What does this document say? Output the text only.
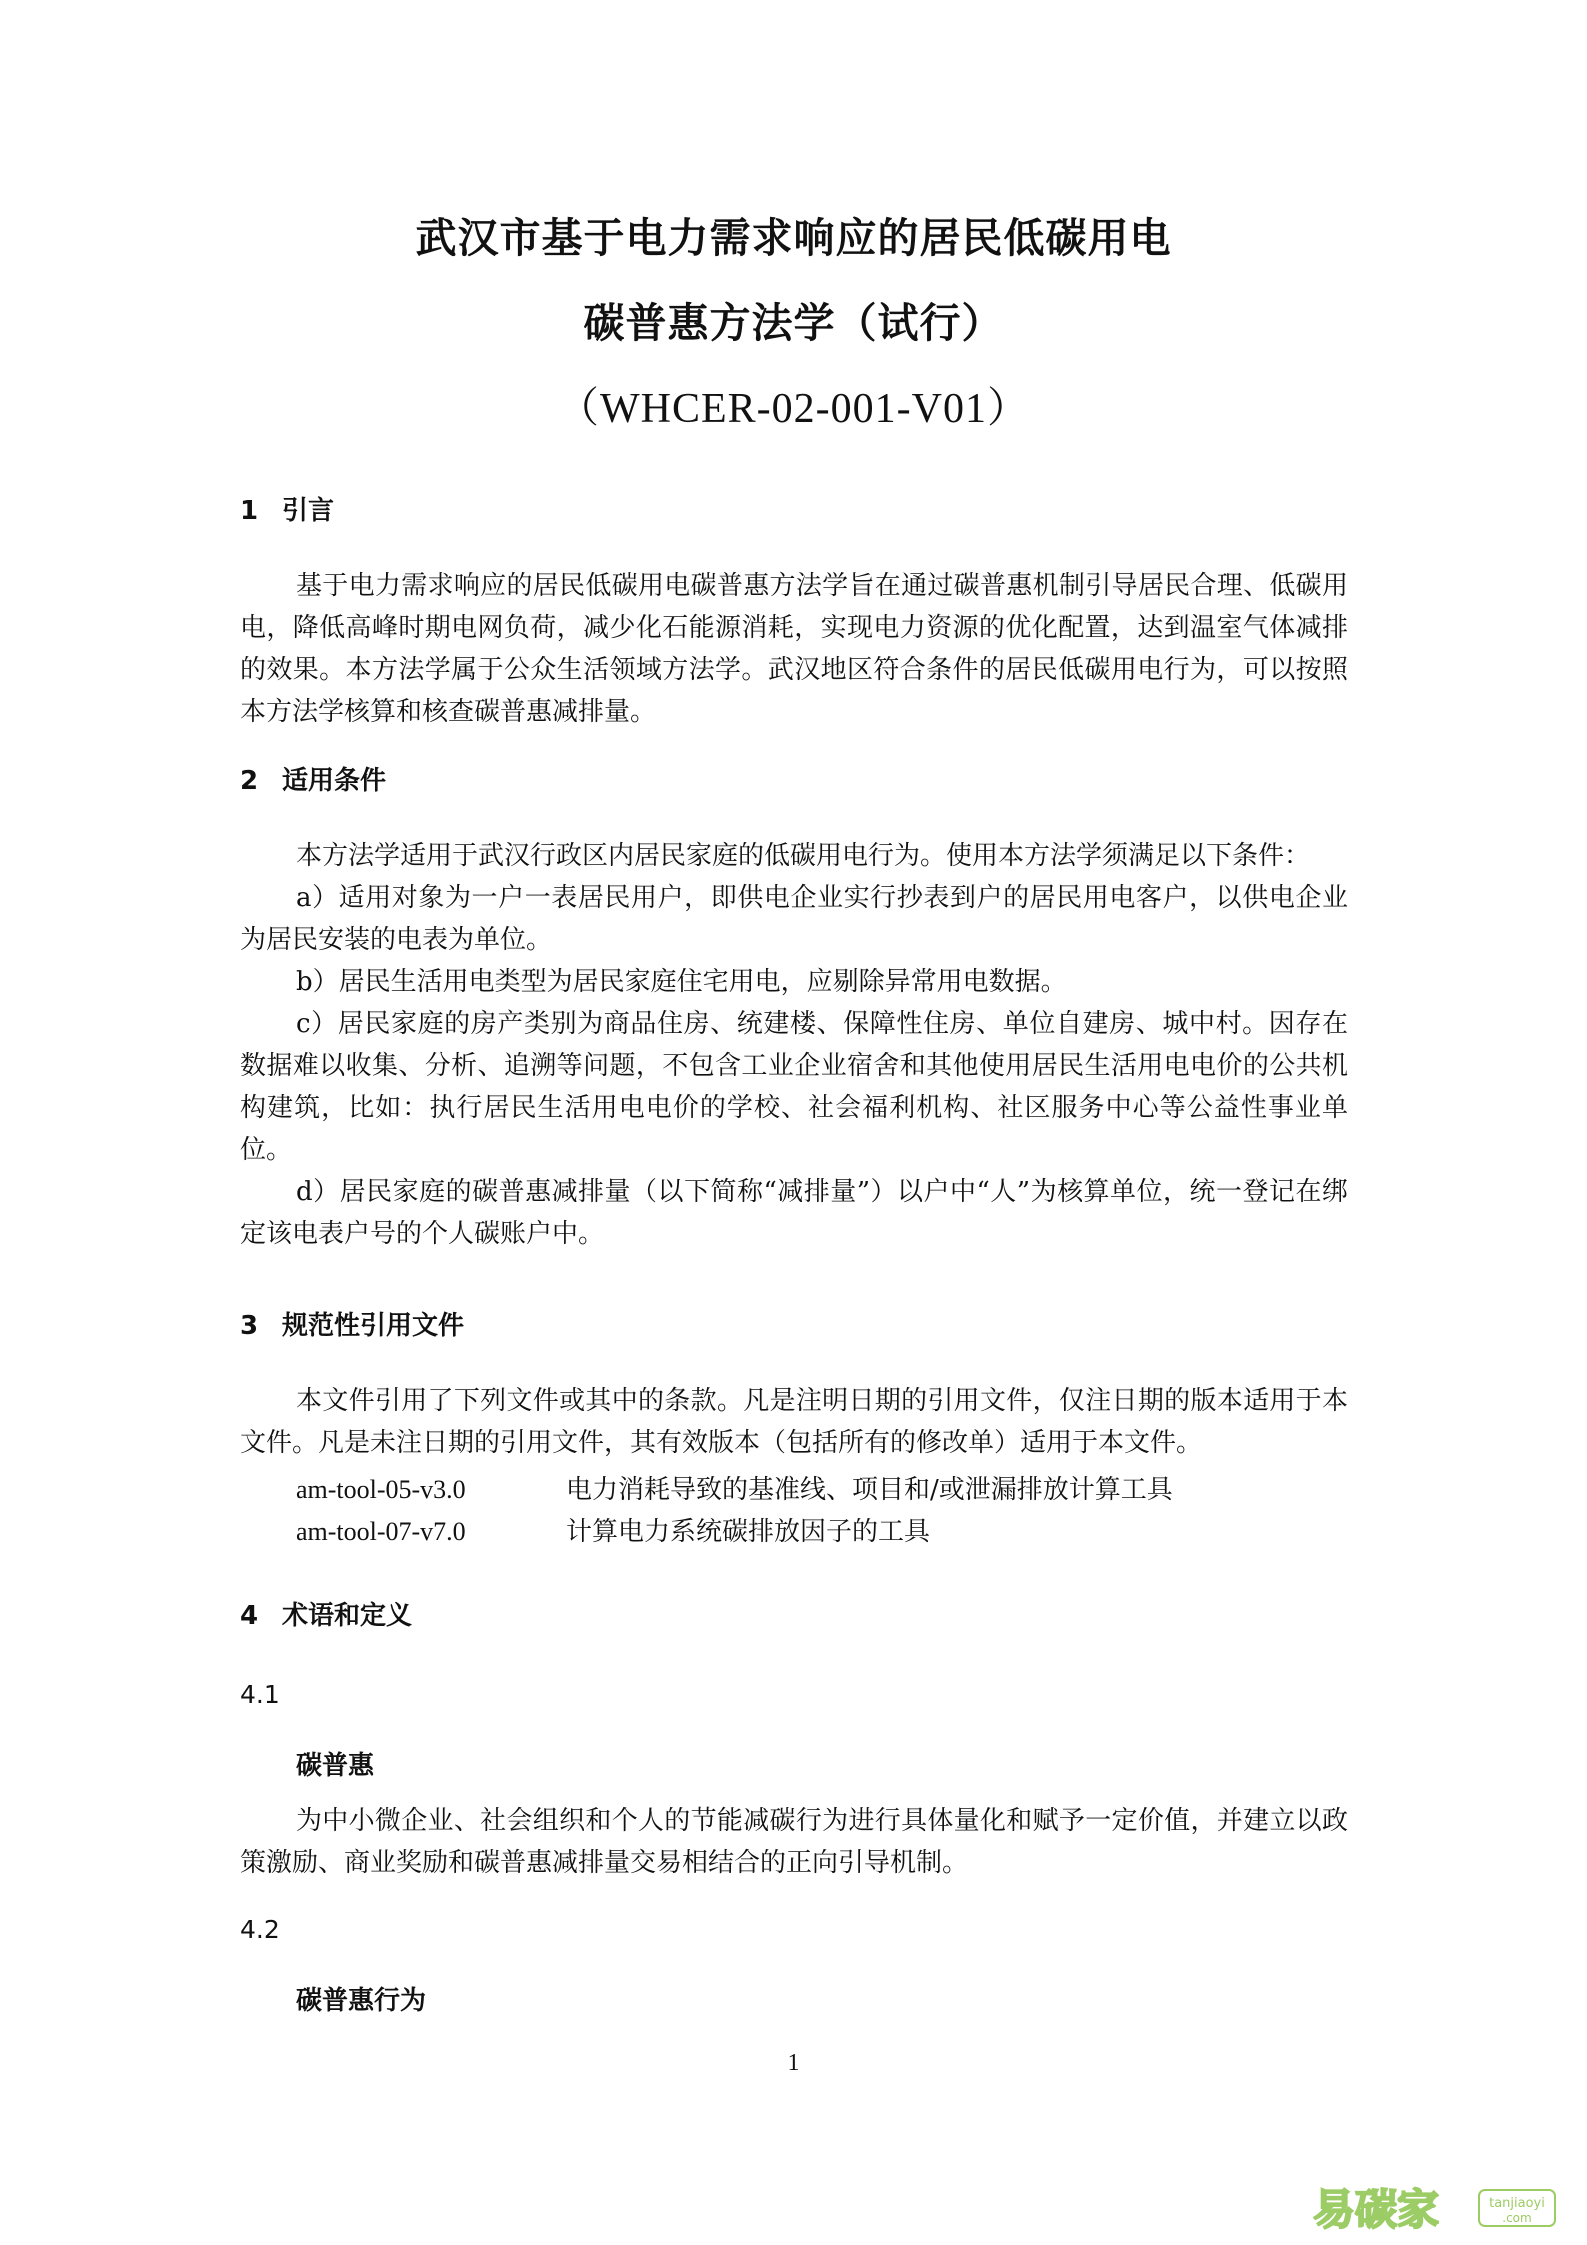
武汉市基于电力需求响应的居民低碳用电
碳普惠方法学（试行）
（WHCER-02-001-V01）
1 引言

基于电力需求响应的居民低碳用电碳普惠方法学旨在通过碳普惠机制引导居民合理、低碳用电，降低高峰时期电网负荷，减少化石能源消耗，实现电力资源的优化配置，达到温室气体减排的效果。本方法学属于公众生活领域方法学。武汉地区符合条件的居民低碳用电行为，可以按照本方法学核算和核查碳普惠减排量。

2 适用条件

本方法学适用于武汉行政区内居民家庭的低碳用电行为。使用本方法学须满足以下条件：

a）适用对象为一户一表居民用户，即供电企业实行抄表到户的居民用电客户，以供电企业为居民安装的电表为单位。

b）居民生活用电类型为居民家庭住宅用电，应剔除异常用电数据。

c）居民家庭的房产类别为商品住房、统建楼、保障性住房、单位自建房、城中村。因存在数据难以收集、分析、追溯等问题，不包含工业企业宿舍和其他使用居民生活用电电价的公共机构建筑，比如：执行居民生活用电电价的学校、社会福利机构、社区服务中心等公益性事业单位。

d）居民家庭的碳普惠减排量（以下简称“减排量”）以户中“人”为核算单位，统一登记在绑定该电表户号的个人碳账户中。

3 规范性引用文件

本文件引用了下列文件或其中的条款。凡是注明日期的引用文件，仅注日期的版本适用于本文件。凡是未注日期的引用文件，其有效版本（包括所有的修改单）适用于本文件。

am-tool-05-v3.0	电力消耗导致的基准线、项目和/或泄漏排放计算工具
am-tool-07-v7.0	计算电力系统碳排放因子的工具
4 术语和定义
4.1
碳普惠

为中小微企业、社会组织和个人的节能减碳行为进行具体量化和赋予一定价值，并建立以政策激励、商业奖励和碳普惠减排量交易相结合的正向引导机制。

4.2
碳普惠行为
1
易碳家	tanjiaoyi
.com
